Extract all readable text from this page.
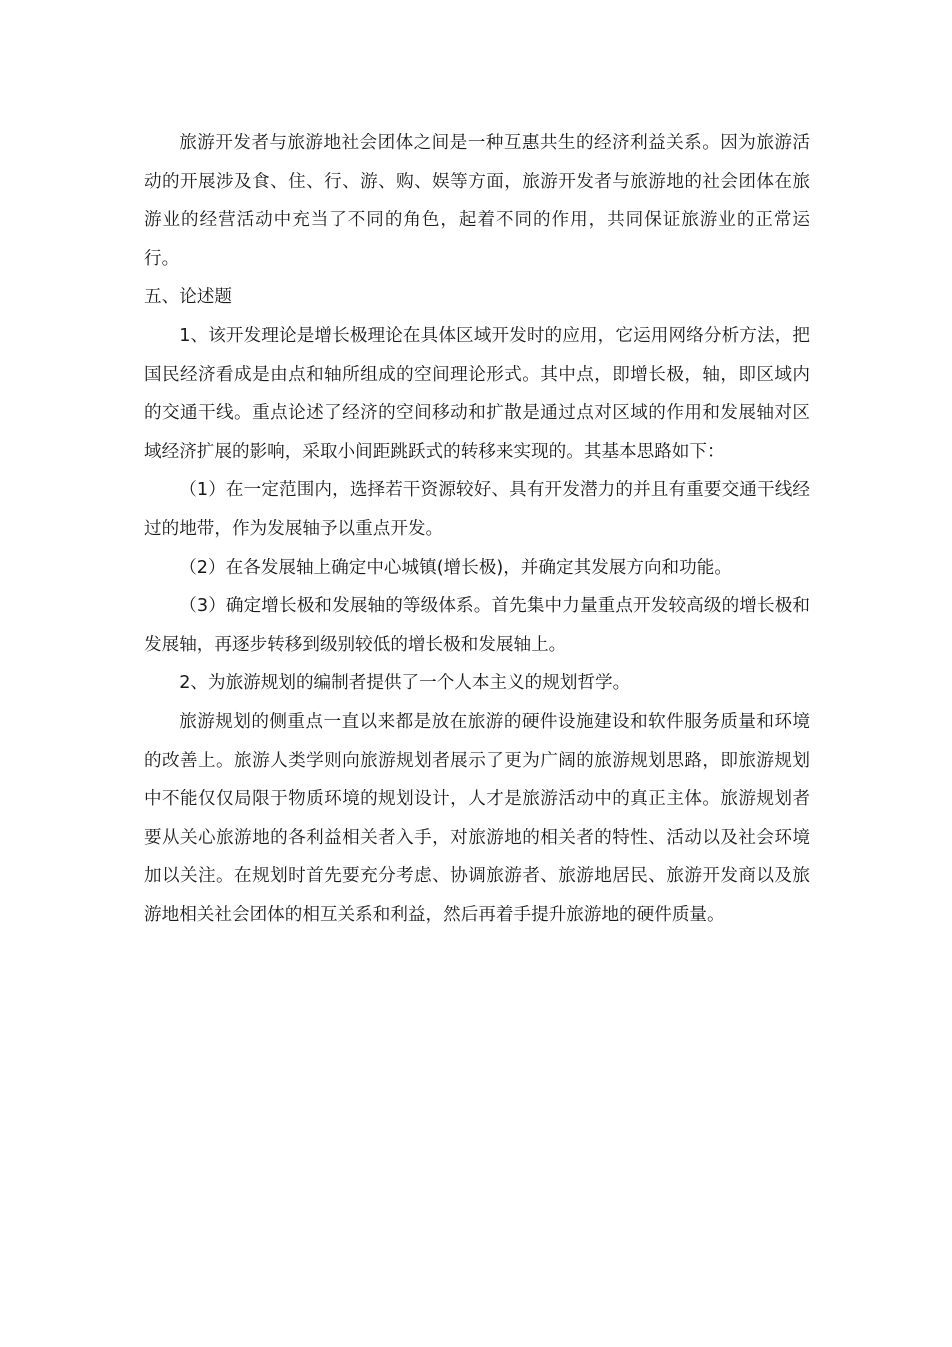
旅游开发者与旅游地社会团体之间是一种互惠共生的经济利益关系。因为旅游活动的开展涉及食、住、行、游、购、娱等方面，旅游开发者与旅游地的社会团体在旅游业的经营活动中充当了不同的角色，起着不同的作用，共同保证旅游业的正常运行。

五、论述题

1、该开发理论是增长极理论在具体区域开发时的应用，它运用网络分析方法，把国民经济看成是由点和轴所组成的空间理论形式。其中点，即增长极，轴，即区域内的交通干线。重点论述了经济的空间移动和扩散是通过点对区域的作用和发展轴对区域经济扩展的影响，采取小间距跳跃式的转移来实现的。其基本思路如下：

（1）在一定范围内，选择若干资源较好、具有开发潜力的并且有重要交通干线经过的地带，作为发展轴予以重点开发。

（2）在各发展轴上确定中心城镇(增长极)，并确定其发展方向和功能。

（3）确定增长极和发展轴的等级体系。首先集中力量重点开发较高级的增长极和发展轴，再逐步转移到级别较低的增长极和发展轴上。

2、为旅游规划的编制者提供了一个人本主义的规划哲学。

旅游规划的侧重点一直以来都是放在旅游的硬件设施建设和软件服务质量和环境的改善上。旅游人类学则向旅游规划者展示了更为广阔的旅游规划思路，即旅游规划中不能仅仅局限于物质环境的规划设计，人才是旅游活动中的真正主体。旅游规划者要从关心旅游地的各利益相关者入手，对旅游地的相关者的特性、活动以及社会环境加以关注。在规划时首先要充分考虑、协调旅游者、旅游地居民、旅游开发商以及旅游地相关社会团体的相互关系和利益，然后再着手提升旅游地的硬件质量。
